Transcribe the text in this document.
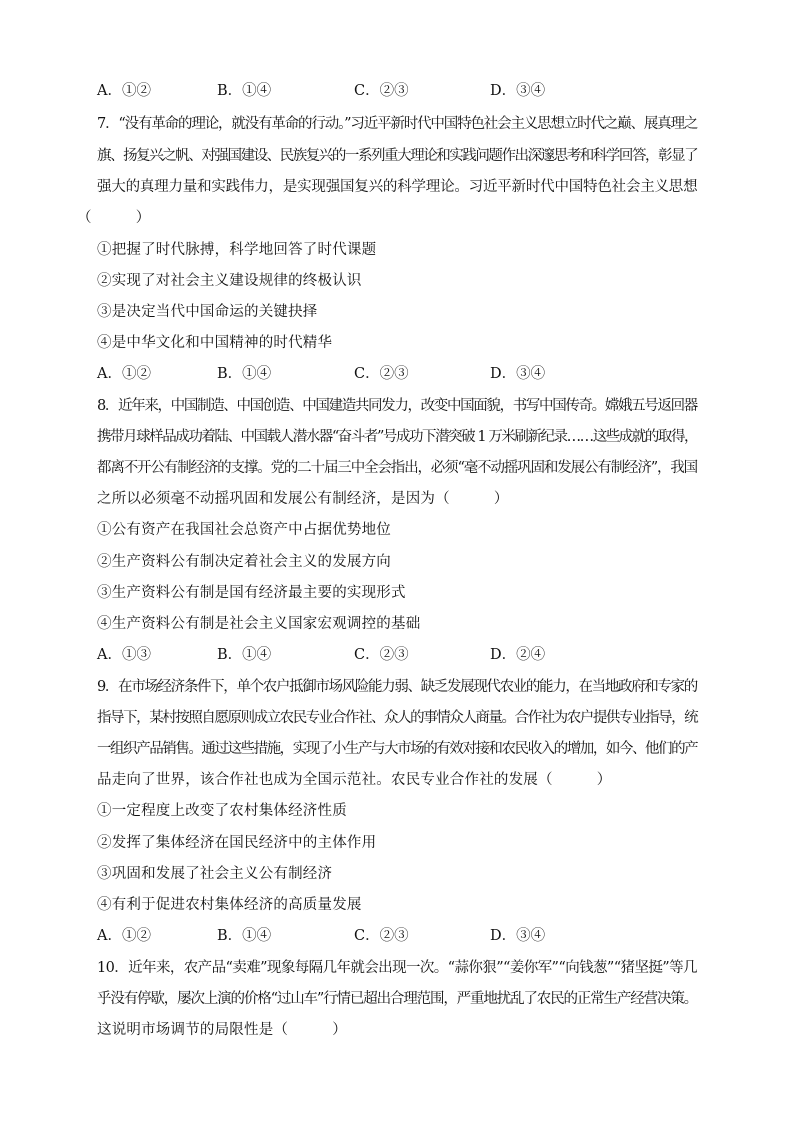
A．①②	B．①④	C．②③	D．③④
7．“没有革命的理论，就没有革命的行动。”习近平新时代中国特色社会主义思想立时代之巅、展真理之
旗、扬复兴之帆、对强国建设、民族复兴的一系列重大理论和实践问题作出深邃思考和科学回答，彰显了
强大的真理力量和实践伟力，是实现强国复兴的科学理论。习近平新时代中国特色社会主义思想
（　　　）
①把握了时代脉搏，科学地回答了时代课题
②实现了对社会主义建设规律的终极认识
③是决定当代中国命运的关键抉择
④是中华文化和中国精神的时代精华
A．①②	B．①④	C．②③	D．③④
8．近年来，中国制造、中国创造、中国建造共同发力，改变中国面貌，书写中国传奇。嫦娥五号返回器
携带月球样品成功着陆、中国载人潜水器“奋斗者”号成功下潜突破 1 万米刷新纪录……这些成就的取得，
都离不开公有制经济的支撑。党的二十届三中全会指出，必须“毫不动摇巩固和发展公有制经济”，我国
之所以必须毫不动摇巩固和发展公有制经济，是因为（　　　）
①公有资产在我国社会总资产中占据优势地位
②生产资料公有制决定着社会主义的发展方向
③生产资料公有制是国有经济最主要的实现形式
④生产资料公有制是社会主义国家宏观调控的基础
A．①③	B．①④	C．②③	D．②④
9．在市场经济条件下，单个农户抵御市场风险能力弱、缺乏发展现代农业的能力，在当地政府和专家的
指导下，某村按照自愿原则成立农民专业合作社、众人的事情众人商量。合作社为农户提供专业指导，统
一组织产品销售。通过这些措施，实现了小生产与大市场的有效对接和农民收入的增加，如今、他们的产
品走向了世界，该合作社也成为全国示范社。农民专业合作社的发展（　　　）
①一定程度上改变了农村集体经济性质
②发挥了集体经济在国民经济中的主体作用
③巩固和发展了社会主义公有制经济
④有利于促进农村集体经济的高质量发展
A．①②	B．①④	C．②③	D．③④
10．近年来，农产品“卖难”现象每隔几年就会出现一次。“蒜你狠”“姜你军”“向钱葱”“猪坚挺”等几
乎没有停歇，屡次上演的价格“过山车”行情已超出合理范围，严重地扰乱了农民的正常生产经营决策。
这说明市场调节的局限性是（　　　）
